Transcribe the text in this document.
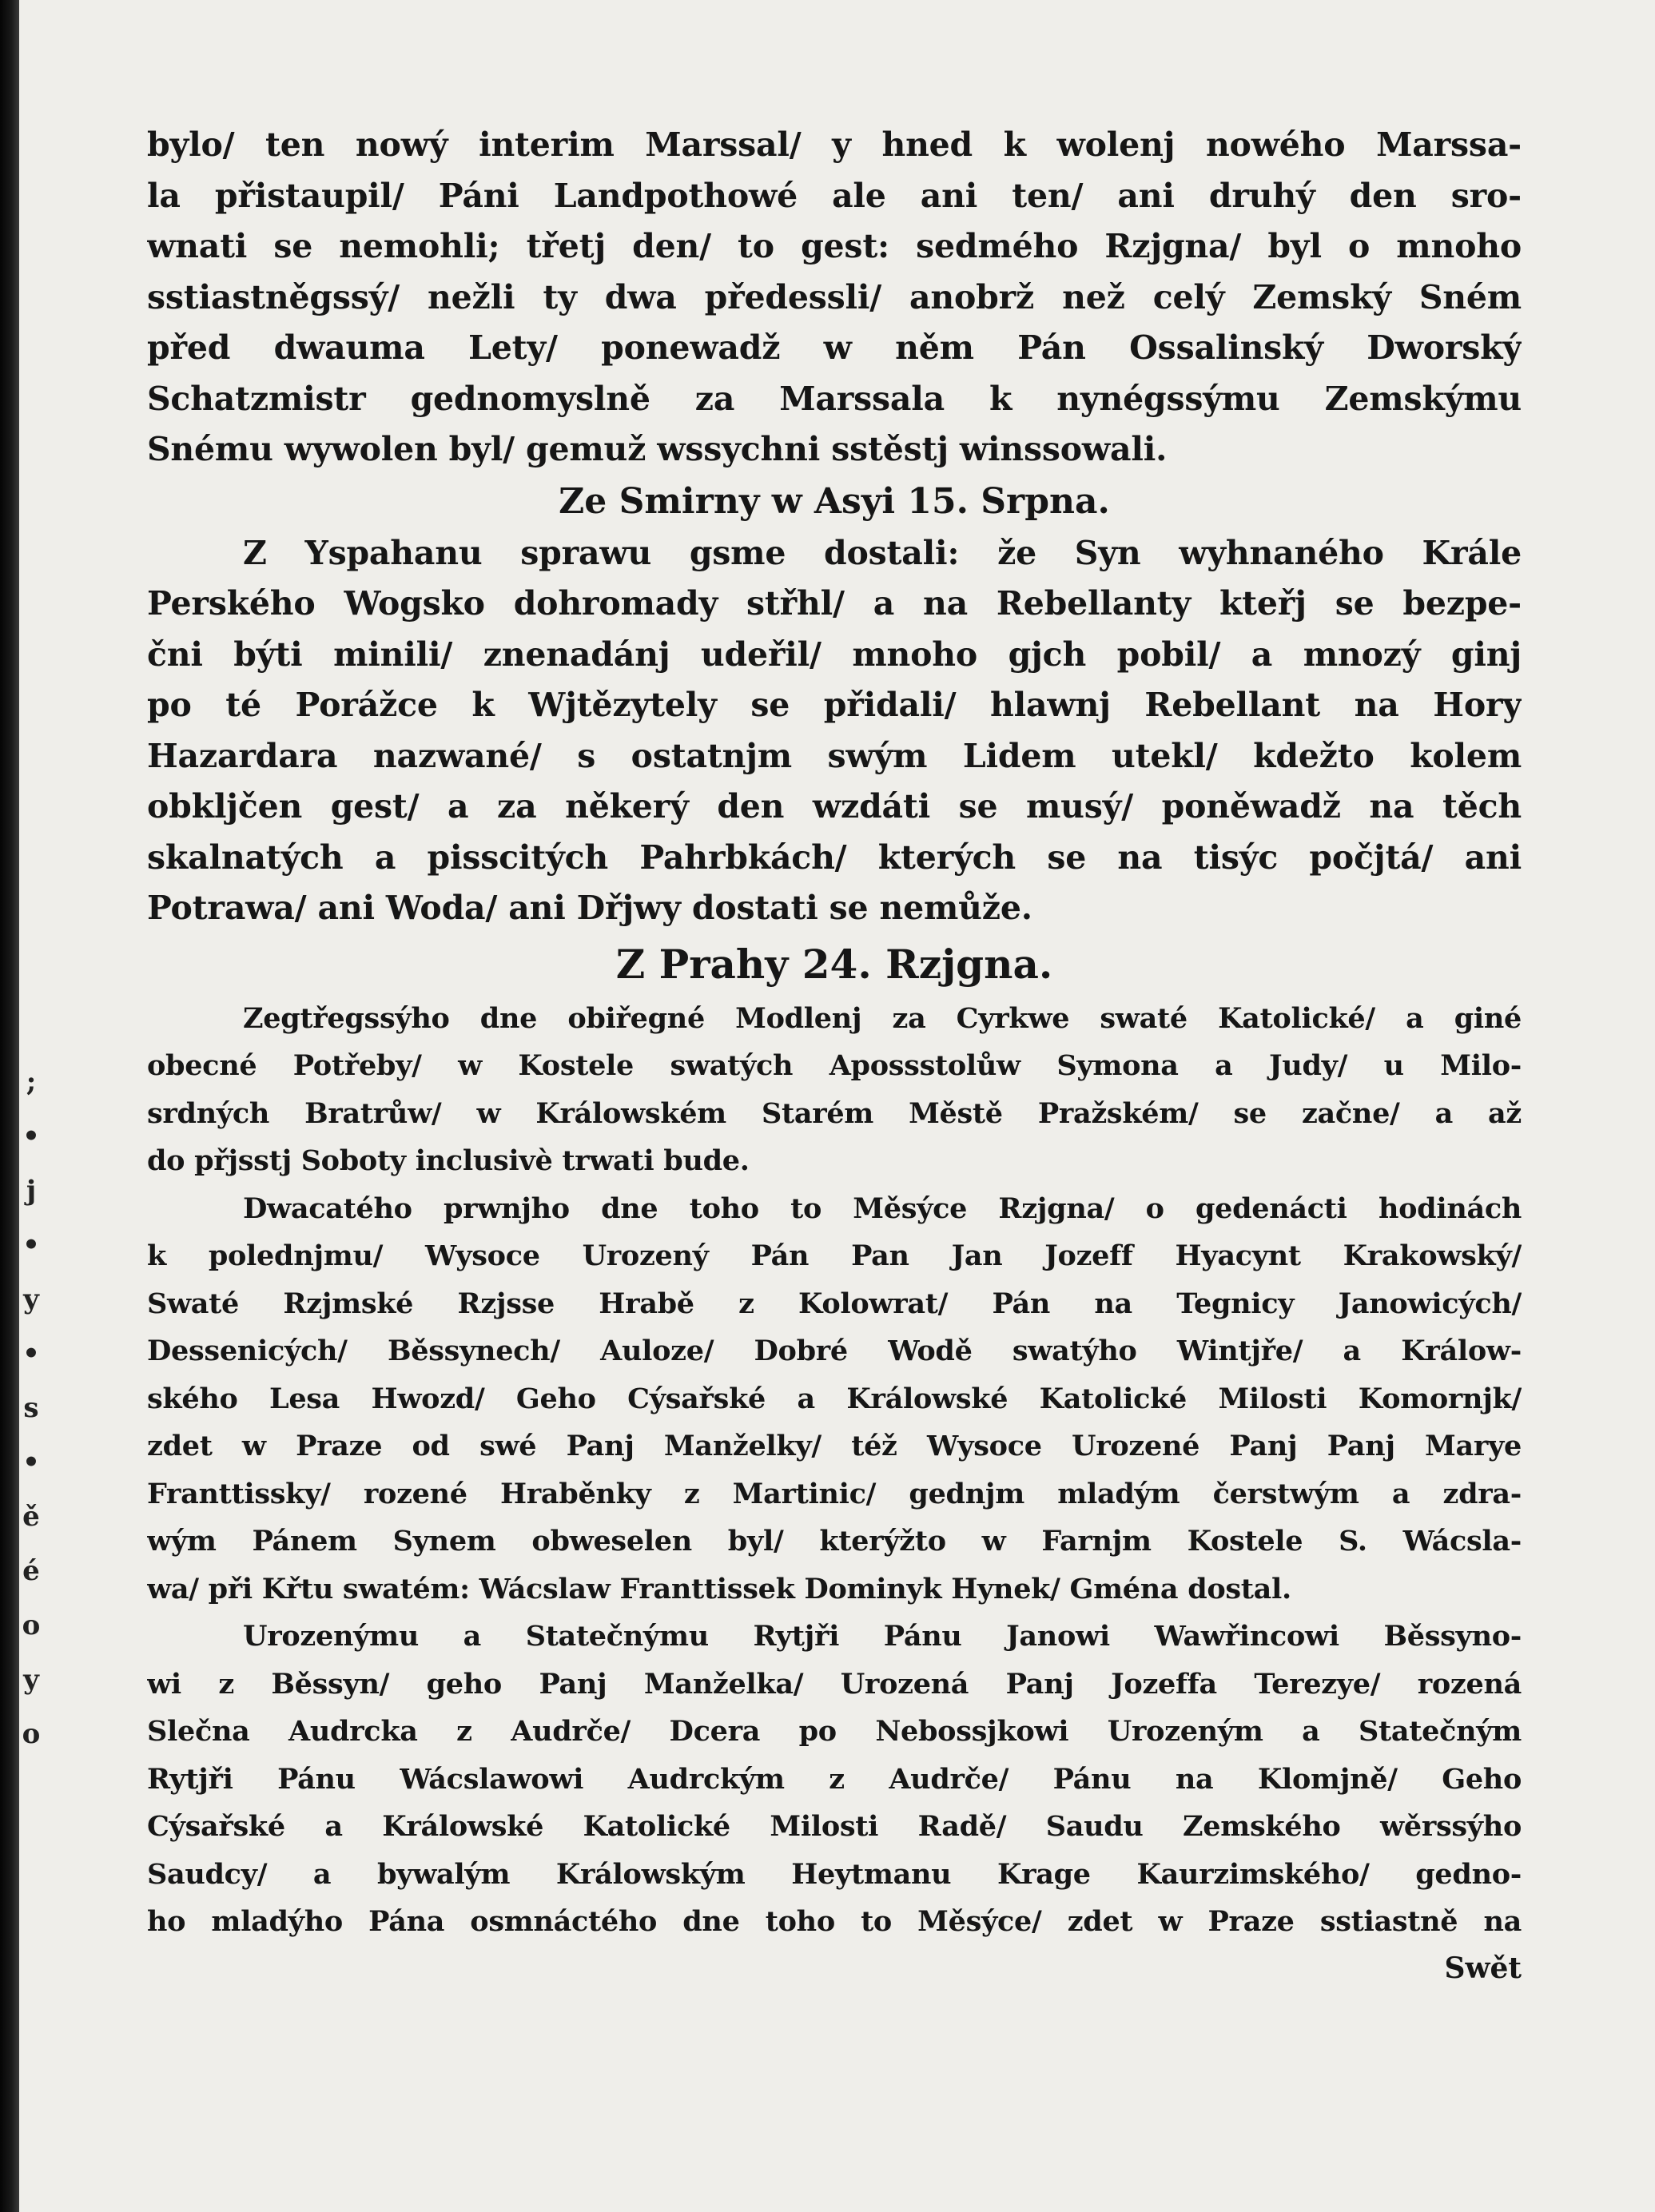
;
•
j
•
y
•
s
•
ě
é
o
y
o
bylo/ ten nowý interim Marssal/ y hned k wolenj nowého Marssa-
la přistaupil/ Páni Landpothowé ale ani ten/ ani druhý den sro-
wnati se nemohli; třetj den/ to gest: sedmého Rzjgna/ byl o mnoho
sstiastněgssý/ nežli ty dwa předessli/ anobrž než celý Zemský Sném
před dwauma Lety/ ponewadž w něm Pán Ossalinský Dworský
Schatzmistr gednomyslně za Marssala k nynégssýmu Zemskýmu
Snému wywolen byl/ gemuž wssychni sstěstj winssowali.
Ze Smirny w Asyi 15. Srpna.
Z Yspahanu sprawu gsme dostali: že Syn wyhnaného Krále
Perského Wogsko dohromady střhl/ a na Rebellanty kteřj se bezpe-
čni býti minili/ znenadánj udeřil/ mnoho gjch pobil/ a mnozý ginj
po té Porážce k Wjtězytely se přidali/ hlawnj Rebellant na Hory
Hazardara nazwané/ s ostatnjm swým Lidem utekl/ kdežto kolem
obkljčen gest/ a za někerý den wzdáti se musý/ poněwadž na těch
skalnatých a pisscitých Pahrbkách/ kterých se na tisýc počjtá/ ani
Potrawa/ ani Woda/ ani Dřjwy dostati se nemůže.
Z Prahy 24. Rzjgna.
Zegtřegssýho dne obiřegné Modlenj za Cyrkwe swaté Katolické/ a giné
obecné Potřeby/ w Kostele swatých Apossstolůw Symona a Judy/ u Milo-
srdných Bratrůw/ w Králowském Starém Městě Pražském/ se začne/ a až
do přjsstj Soboty inclusivè trwati bude.
Dwacatého prwnjho dne toho to Měsýce Rzjgna/ o gedenácti hodinách
k polednjmu/ Wysoce Urozený Pán Pan Jan Jozeff Hyacynt Krakowský/
Swaté Rzjmské Rzjsse Hrabě z Kolowrat/ Pán na Tegnicy Janowicých/
Dessenicých/ Běssynech/ Auloze/ Dobré Wodě swatýho Wintjře/ a Králow-
ského Lesa Hwozd/ Geho Cýsařské a Králowské Katolické Milosti Komornjk/
zdet w Praze od swé Panj Manželky/ též Wysoce Urozené Panj Panj Marye
Franttissky/ rozené Hraběnky z Martinic/ gednjm mladým čerstwým a zdra-
wým Pánem Synem obweselen byl/ kterýžto w Farnjm Kostele S. Wácsla-
wa/ při Křtu swatém: Wácslaw Franttissek Dominyk Hynek/ Gména dostal.
Urozenýmu a Statečnýmu Rytjři Pánu Janowi Wawřincowi Běssyno-
wi z Běssyn/ geho Panj Manželka/ Urozená Panj Jozeffa Terezye/ rozená
Slečna Audrcka z Audrče/ Dcera po Nebossjkowi Urozeným a Statečným
Rytjři Pánu Wácslawowi Audrckým z Audrče/ Pánu na Klomjně/ Geho
Cýsařské a Králowské Katolické Milosti Radě/ Saudu Zemského wěrssýho
Saudcy/ a bywalým Králowským Heytmanu Krage Kaurzimského/ gedno-
ho mladýho Pána osmnáctého dne toho to Měsýce/ zdet w Praze sstiastně na
Swět
